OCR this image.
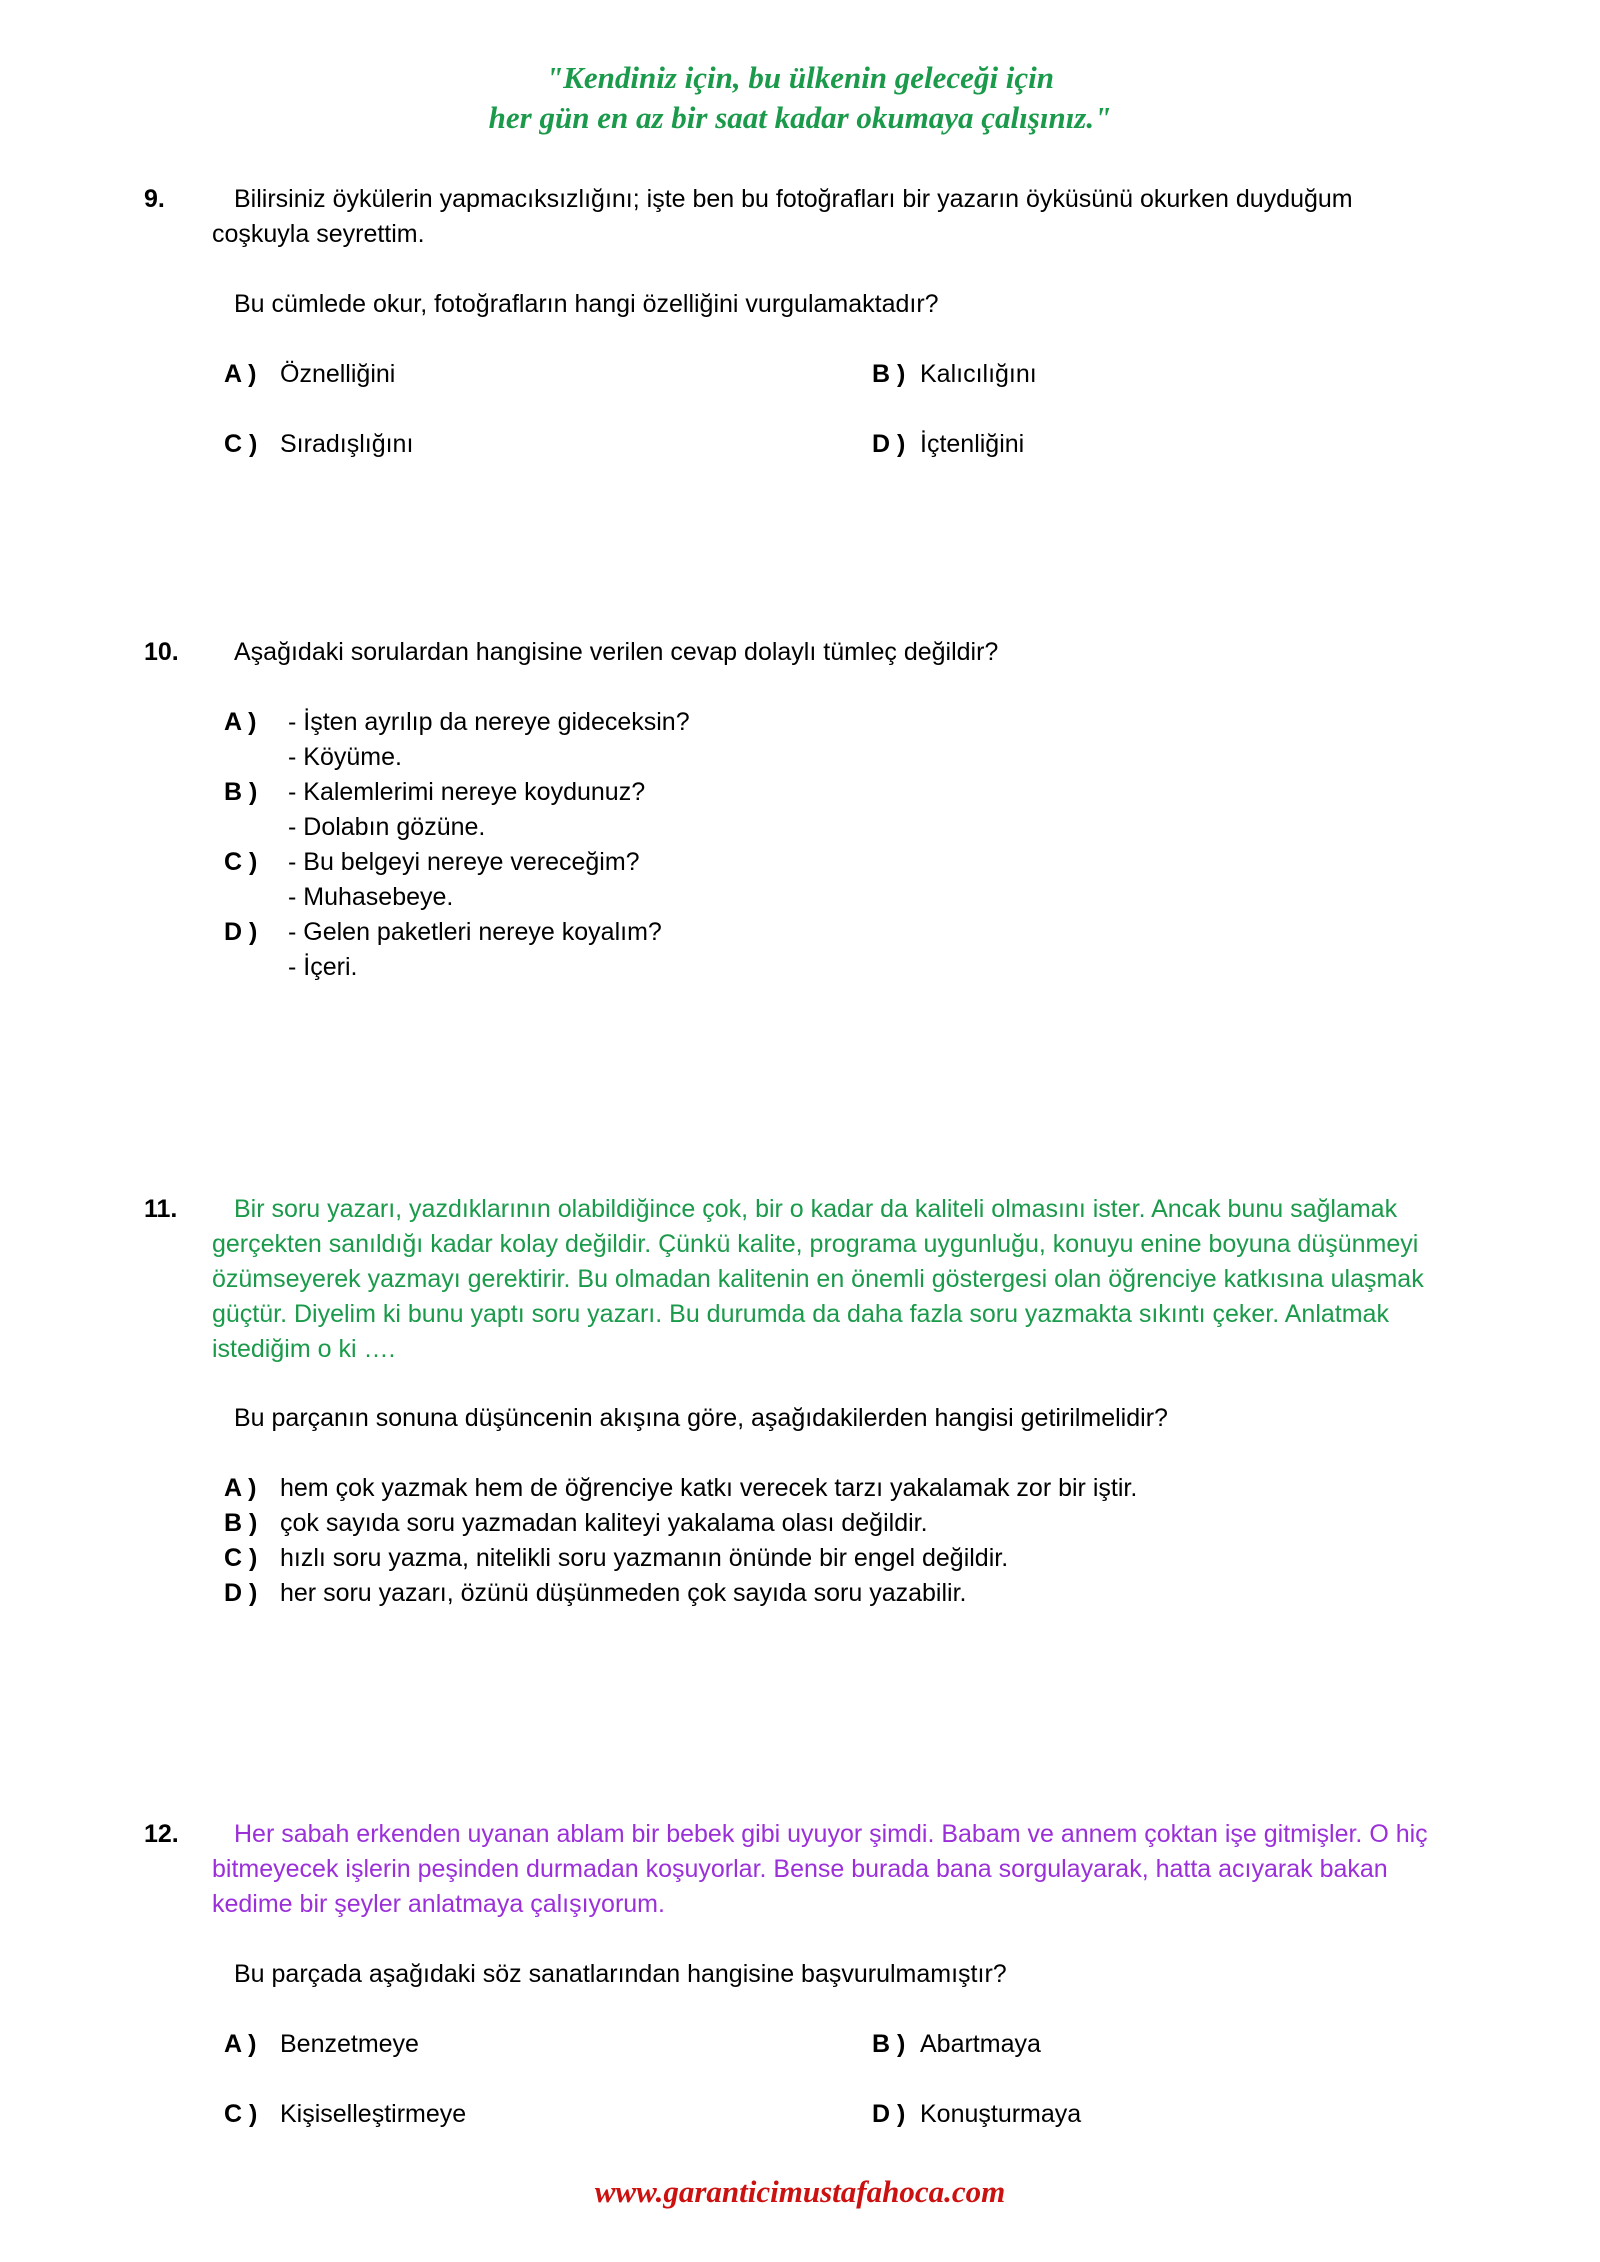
"Kendiniz için, bu ülkenin geleceği için
her gün en az bir saat kadar okumaya çalışınız."
9.	Bilirsiniz öykülerin yapmacıksızlığını; işte ben bu fotoğrafları bir yazarın öyküsünü okurken duyduğum coşkuyla seyrettim.

Bu cümlede okur, fotoğrafların hangi özelliğini vurgulamaktadır?

A ) Öznelliğini	B ) Kalıcılığını
C ) Sıradışlığını	D ) İçtenliğini
10. Aşağıdaki sorulardan hangisine verilen cevap dolaylı tümleç değildir?

A ) - İşten ayrılıp da nereye gideceksin?
- Köyüme.
B ) - Kalemlerimi nereye koydunuz?
- Dolabın gözüne.
C ) - Bu belgeyi nereye vereceğim?
- Muhasebeye.
D ) - Gelen paketleri nereye koyalım?
- İçeri.
11.	Bir soru yazarı, yazdıklarının olabildiğince çok, bir o kadar da kaliteli olmasını ister. Ancak bunu sağlamak gerçekten sanıldığı kadar kolay değildir. Çünkü kalite, programa uygunluğu, konuyu enine boyuna düşünmeyi özümseyerek yazmayı gerektirir. Bu olmadan kalitenin en önemli göstergesi olan öğrenciye katkısına ulaşmak güçtür. Diyelim ki bunu yaptı soru yazarı. Bu durumda da daha fazla soru yazmakta sıkıntı çeker. Anlatmak istediğim o ki ….

Bu parçanın sonuna düşüncenin akışına göre, aşağıdakilerden hangisi getirilmelidir?

A ) hem çok yazmak hem de öğrenciye katkı verecek tarzı yakalamak zor bir iştir.
B ) çok sayıda soru yazmadan kaliteyi yakalama olası değildir.
C ) hızlı soru yazma, nitelikli soru yazmanın önünde bir engel değildir.
D ) her soru yazarı, özünü düşünmeden çok sayıda soru yazabilir.
12.	Her sabah erkenden uyanan ablam bir bebek gibi uyuyor şimdi. Babam ve annem çoktan işe gitmişler. O hiç bitmeyecek işlerin peşinden durmadan koşuyorlar. Bense burada bana sorgulayarak, hatta acıyarak bakan kedime bir şeyler anlatmaya çalışıyorum.

Bu parçada aşağıdaki söz sanatlarından hangisine başvurulmamıştır?

A ) Benzetmeye	B ) Abartmaya
C ) Kişiselleştirmeye	D ) Konuşturmaya
www.garanticimustafahoca.com
